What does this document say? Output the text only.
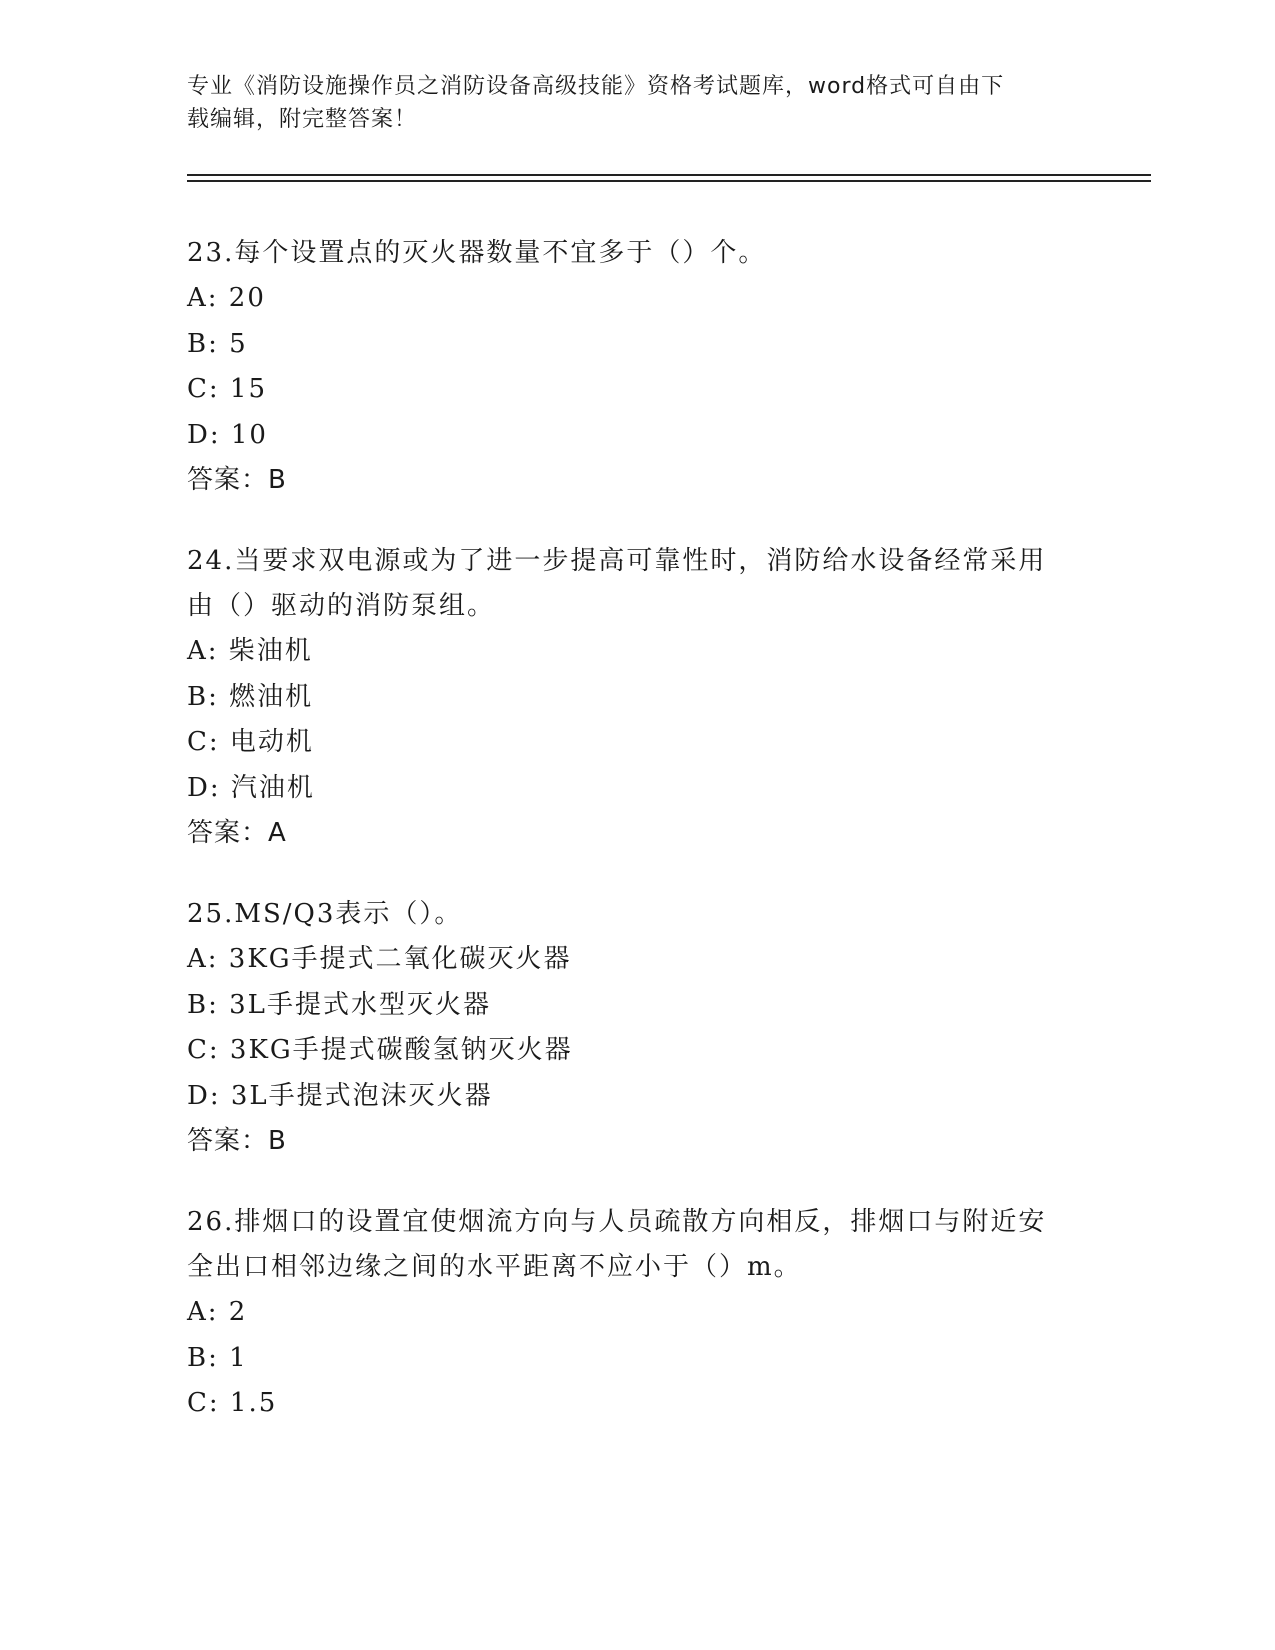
专业《消防设施操作员之消防设备高级技能》资格考试题库，word格式可自由下
载编辑，附完整答案！
23.每个设置点的灭火器数量不宜多于（）个。
A: 20
B: 5
C: 15
D: 10
答案：B
24.当要求双电源或为了进一步提高可靠性时，消防给水设备经常采用
由（）驱动的消防泵组。
A: 柴油机
B: 燃油机
C: 电动机
D: 汽油机
答案：A
25.MS/Q3表示（）。
A: 3KG手提式二氧化碳灭火器
B: 3L手提式水型灭火器
C: 3KG手提式碳酸氢钠灭火器
D: 3L手提式泡沫灭火器
答案：B
26.排烟口的设置宜使烟流方向与人员疏散方向相反，排烟口与附近安
全出口相邻边缘之间的水平距离不应小于（）m。
A: 2
B: 1
C: 1.5
